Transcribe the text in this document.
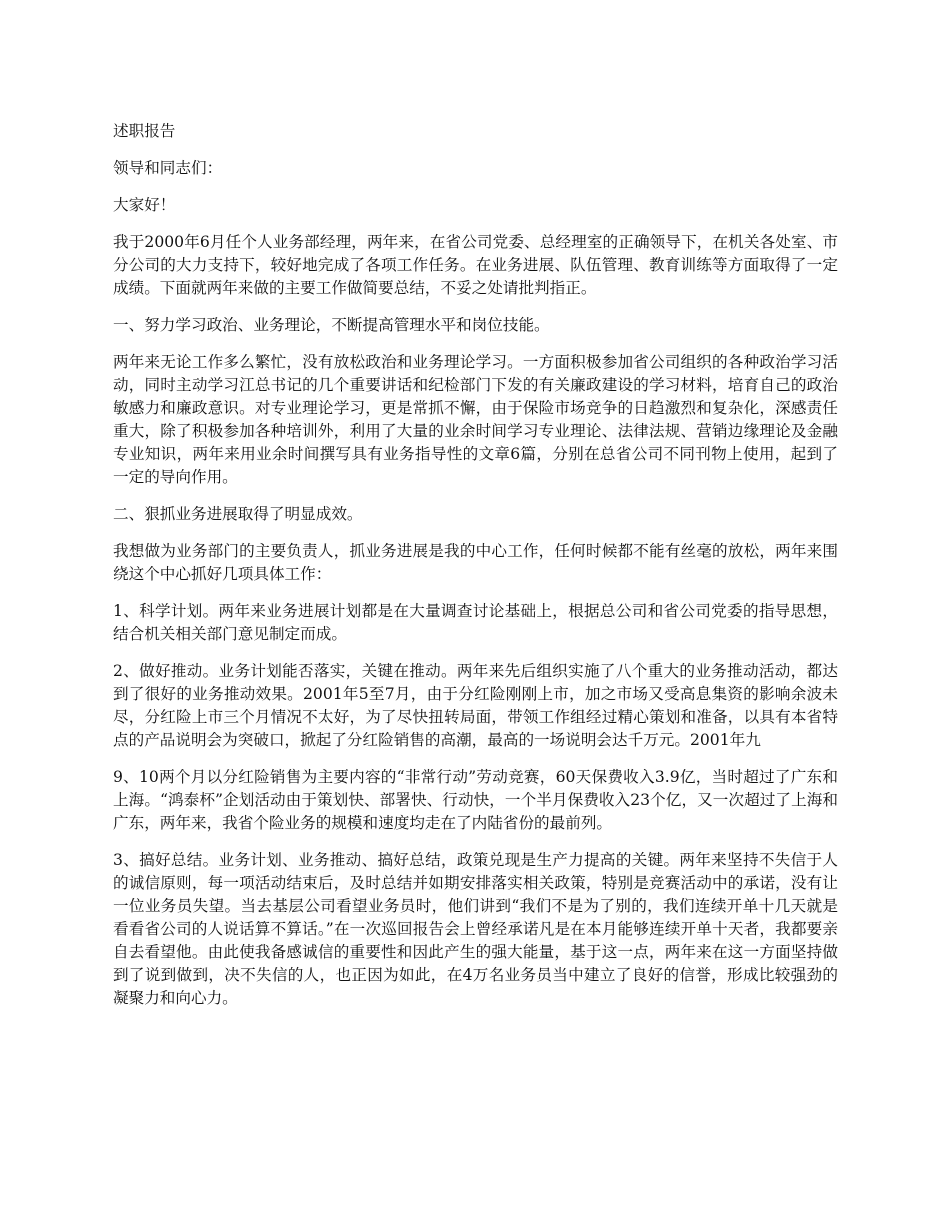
述职报告

领导和同志们：

大家好！

我于2000年6月任个人业务部经理，两年来，在省公司党委、总经理室的正确领导下，在机关各处室、市分公司的大力支持下，较好地完成了各项工作任务。在业务进展、队伍管理、教育训练等方面取得了一定成绩。下面就两年来做的主要工作做简要总结，不妥之处请批判指正。

一、努力学习政治、业务理论，不断提高管理水平和岗位技能。

两年来无论工作多么繁忙，没有放松政治和业务理论学习。一方面积极参加省公司组织的各种政治学习活动，同时主动学习江总书记的几个重要讲话和纪检部门下发的有关廉政建设的学习材料，培育自己的政治敏感力和廉政意识。对专业理论学习，更是常抓不懈，由于保险市场竞争的日趋激烈和复杂化，深感责任重大，除了积极参加各种培训外，利用了大量的业余时间学习专业理论、法律法规、营销边缘理论及金融专业知识，两年来用业余时间撰写具有业务指导性的文章6篇，分别在总省公司不同刊物上使用，起到了一定的导向作用。

二、狠抓业务进展取得了明显成效。

我想做为业务部门的主要负责人，抓业务进展是我的中心工作，任何时候都不能有丝毫的放松，两年来围绕这个中心抓好几项具体工作：

1、科学计划。两年来业务进展计划都是在大量调查讨论基础上，根据总公司和省公司党委的指导思想，结合机关相关部门意见制定而成。

2、做好推动。业务计划能否落实，关键在推动。两年来先后组织实施了八个重大的业务推动活动，都达到了很好的业务推动效果。2001年5至7月，由于分红险刚刚上市，加之市场又受高息集资的影响余波未尽，分红险上市三个月情况不太好，为了尽快扭转局面，带领工作组经过精心策划和准备，以具有本省特点的产品说明会为突破口，掀起了分红险销售的高潮，最高的一场说明会达千万元。2001年九

9、10两个月以分红险销售为主要内容的“非常行动”劳动竞赛，60天保费收入3.9亿，当时超过了广东和上海。“鸿泰杯”企划活动由于策划快、部署快、行动快，一个半月保费收入23个亿，又一次超过了上海和广东，两年来，我省个险业务的规模和速度均走在了内陆省份的最前列。

3、搞好总结。业务计划、业务推动、搞好总结，政策兑现是生产力提高的关键。两年来坚持不失信于人的诚信原则，每一项活动结束后，及时总结并如期安排落实相关政策，特别是竞赛活动中的承诺，没有让一位业务员失望。当去基层公司看望业务员时，他们讲到“我们不是为了别的，我们连续开单十几天就是看看省公司的人说话算不算话。”在一次巡回报告会上曾经承诺凡是在本月能够连续开单十天者，我都要亲自去看望他。由此使我备感诚信的重要性和因此产生的强大能量，基于这一点，两年来在这一方面坚持做到了说到做到，决不失信的人，也正因为如此，在4万名业务员当中建立了良好的信誉，形成比较强劲的凝聚力和向心力。
